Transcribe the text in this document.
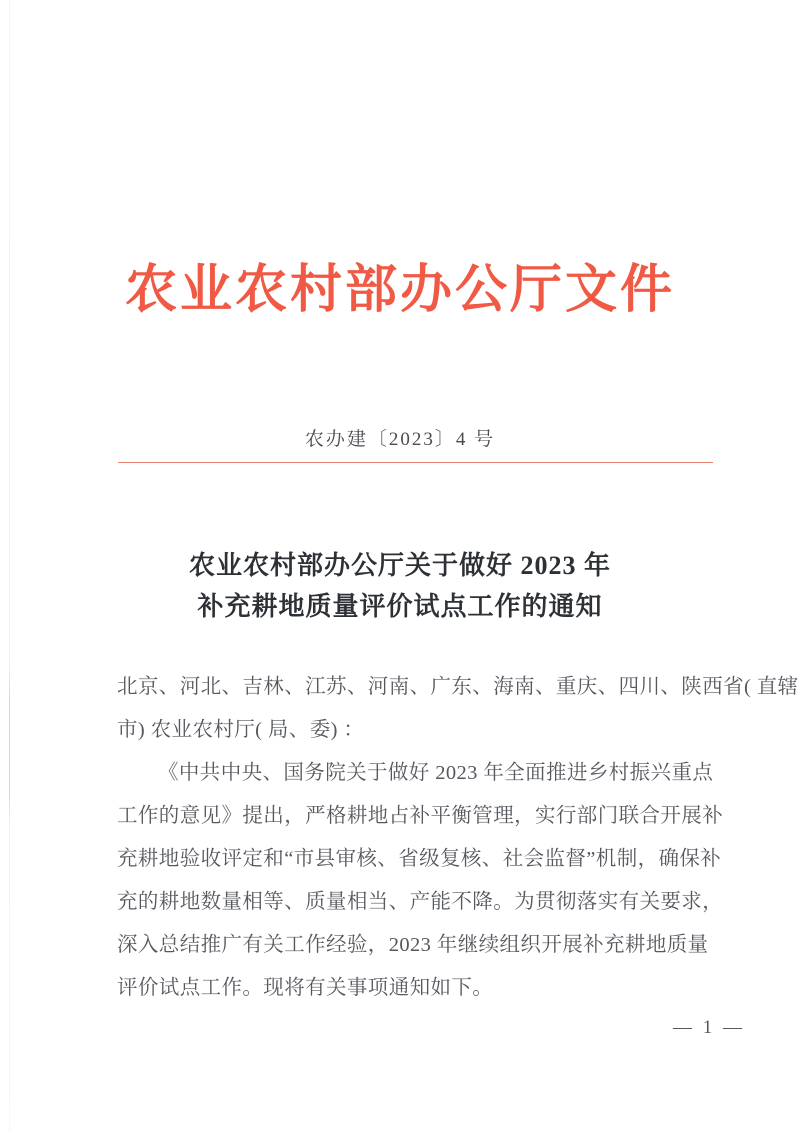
农业农村部办公厅文件
农办建〔2023〕4 号
农业农村部办公厅关于做好 2023 年
补充耕地质量评价试点工作的通知
北京、河北、吉林、江苏、河南、广东、海南、重庆、四川、陕西省( 直辖
市) 农业农村厅( 局、委) ：
《中共中央、国务院关于做好 2023 年全面推进乡村振兴重点
工作的意见》提出，严格耕地占补平衡管理，实行部门联合开展补
充耕地验收评定和“市县审核、省级复核、社会监督”机制，确保补
充的耕地数量相等、质量相当、产能不降。为贯彻落实有关要求，
深入总结推广有关工作经验，2023 年继续组织开展补充耕地质量
评价试点工作。现将有关事项通知如下。
— 1 —
